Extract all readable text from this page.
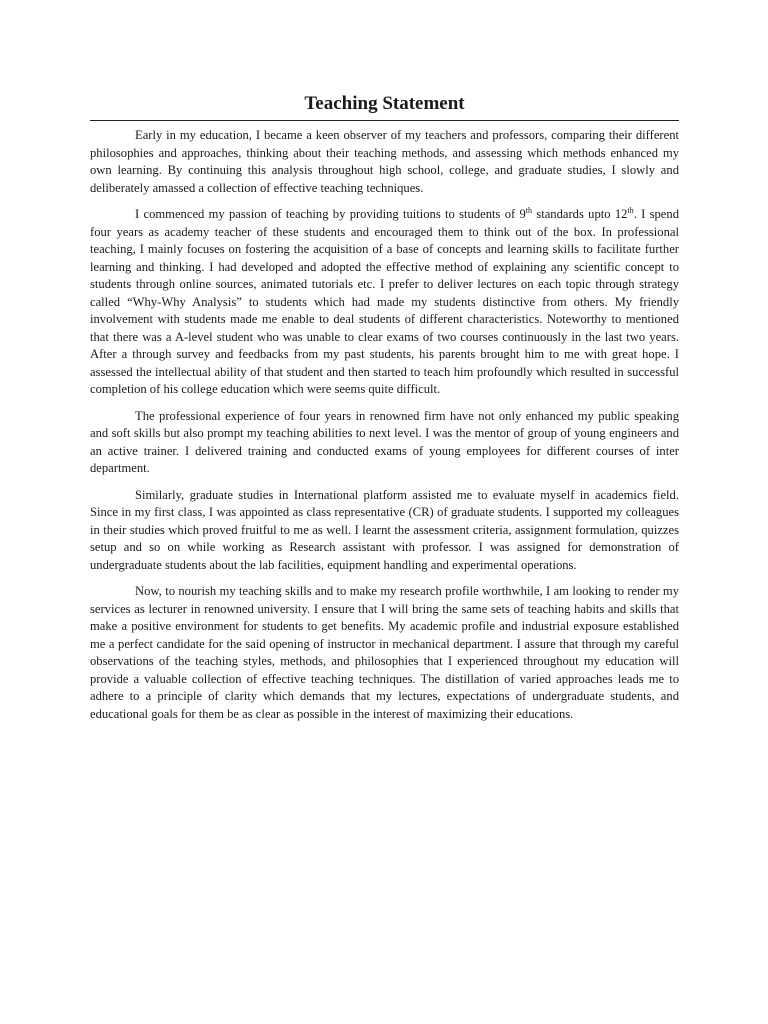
Teaching Statement

Early in my education, I became a keen observer of my teachers and professors, comparing their different philosophies and approaches, thinking about their teaching methods, and assessing which methods enhanced my own learning. By continuing this analysis throughout high school, college, and graduate studies, I slowly and deliberately amassed a collection of effective teaching techniques.

I commenced my passion of teaching by providing tuitions to students of 9th standards upto 12th. I spend four years as academy teacher of these students and encouraged them to think out of the box. In professional teaching, I mainly focuses on fostering the acquisition of a base of concepts and learning skills to facilitate further learning and thinking. I had developed and adopted the effective method of explaining any scientific concept to students through online sources, animated tutorials etc. I prefer to deliver lectures on each topic through strategy called “Why-Why Analysis” to students which had made my students distinctive from others. My friendly involvement with students made me enable to deal students of different characteristics. Noteworthy to mentioned that there was a A-level student who was unable to clear exams of two courses continuously in the last two years. After a through survey and feedbacks from my past students, his parents brought him to me with great hope. I assessed the intellectual ability of that student and then started to teach him profoundly which resulted in successful completion of his college education which were seems quite difficult.

The professional experience of four years in renowned firm have not only enhanced my public speaking and soft skills but also prompt my teaching abilities to next level. I was the mentor of group of young engineers and an active trainer. I delivered training and conducted exams of young employees for different courses of inter department.

Similarly, graduate studies in International platform assisted me to evaluate myself in academics field. Since in my first class, I was appointed as class representative (CR) of graduate students. I supported my colleagues in their studies which proved fruitful to me as well. I learnt the assessment criteria, assignment formulation, quizzes setup and so on while working as Research assistant with professor. I was assigned for demonstration of undergraduate students about the lab facilities, equipment handling and experimental operations.

Now, to nourish my teaching skills and to make my research profile worthwhile, I am looking to render my services as lecturer in renowned university. I ensure that I will bring the same sets of teaching habits and skills that make a positive environment for students to get benefits. My academic profile and industrial exposure established me a perfect candidate for the said opening of instructor in mechanical department. I assure that through my careful observations of the teaching styles, methods, and philosophies that I experienced throughout my education will provide a valuable collection of effective teaching techniques. The distillation of varied approaches leads me to adhere to a principle of clarity which demands that my lectures, expectations of undergraduate students, and educational goals for them be as clear as possible in the interest of maximizing their educations.
